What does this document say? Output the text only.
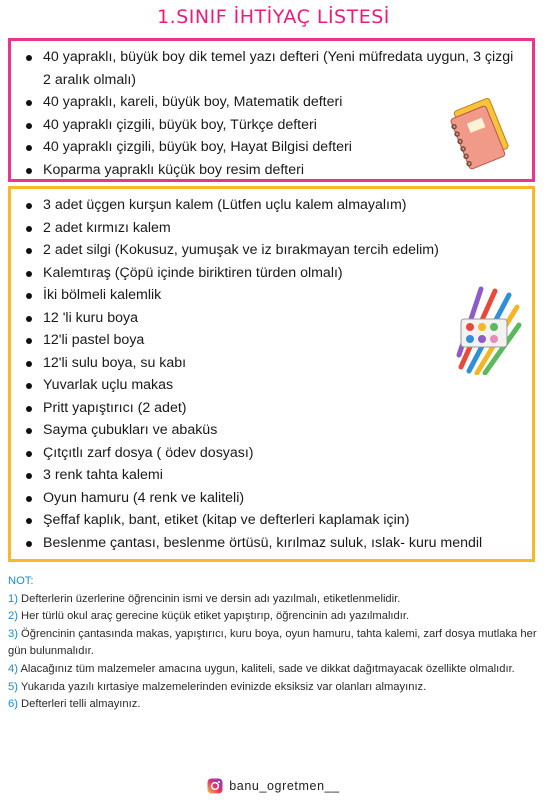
1.SINIF İHTİYAÇ LİSTESİ
40 yapraklı, büyük boy dik temel yazı defteri (Yeni müfredata uygun, 3 çizgi 2 aralık olmalı)
40 yapraklı, kareli, büyük boy, Matematik defteri
40 yapraklı çizgili, büyük boy, Türkçe defteri
40 yapraklı çizgili, büyük boy, Hayat Bilgisi defteri
Koparma yapraklı küçük boy resim defteri
3 adet üçgen kurşun kalem (Lütfen uçlu kalem almayalım)
2 adet kırmızı kalem
2 adet silgi (Kokusuz, yumuşak ve iz bırakmayan tercih edelim)
Kalemtıraş (Çöpü içinde biriktiren türden olmalı)
İki bölmeli kalemlik
12 'li kuru boya
12'li pastel boya
12'li sulu boya, su kabı
Yuvarlak uçlu makas
Pritt yapıştırıcı (2 adet)
Sayma çubukları ve abaküs
Çıtçıtlı zarf dosya ( ödev dosyası)
3 renk tahta kalemi
Oyun hamuru (4 renk ve kaliteli)
Şeffaf kaplık, bant, etiket (kitap ve defterleri kaplamak için)
Beslenme çantası, beslenme örtüsü, kırılmaz suluk, ıslak- kuru mendil
NOT:

1) Defterlerin üzerlerine öğrencinin ismi ve dersin adı yazılmalı, etiketlenmelidir.

2) Her türlü okul araç gerecine küçük etiket yapıştırıp, öğrencinin adı yazılmalıdır.

3) Öğrencinin çantasında makas, yapıştırıcı, kuru boya, oyun hamuru, tahta kalemi, zarf dosya mutlaka her gün bulunmalıdır.

4) Alacağınız tüm malzemeler amacına uygun, kaliteli, sade ve dikkat dağıtmayacak özellikte olmalıdır.

5) Yukarıda yazılı kırtasiye malzemelerinden evinizde eksiksiz var olanları almayınız.

6) Defterleri telli almayınız.

banu_ogretmen__
